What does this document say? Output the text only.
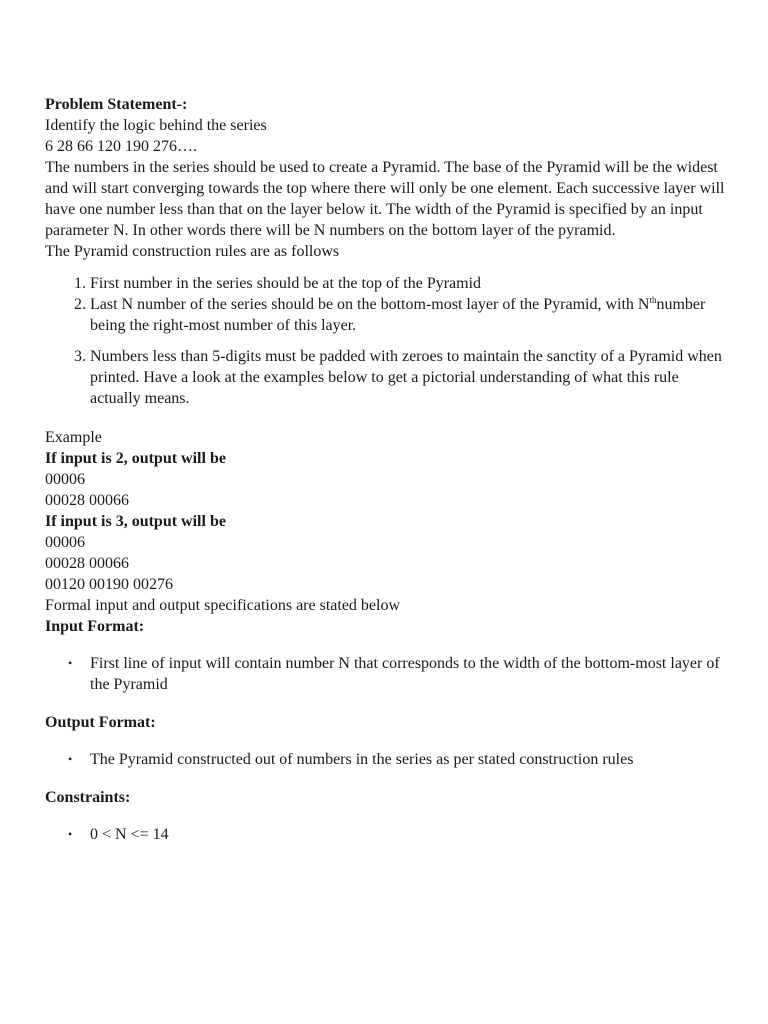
Problem Statement-:
Identify the logic behind the series
6 28 66 120 190 276….

The numbers in the series should be used to create a Pyramid. The base of the Pyramid will be the widest and will start converging towards the top where there will only be one element. Each successive layer will have one number less than that on the layer below it. The width of the Pyramid is specified by an input parameter N. In other words there will be N numbers on the bottom layer of the pyramid.

The Pyramid construction rules are as follows
1. First number in the series should be at the top of the Pyramid
2. Last N number of the series should be on the bottom-most layer of the Pyramid, with $N^{th}number$ being the right-most number of this layer.
3. Numbers less than 5-digits must be padded with zeroes to maintain the sanctity of a Pyramid when printed. Have a look at the examples below to get a pictorial understanding of what this rule actually means.
Example
If input is 2, output will be
00006
00028 00066
If input is 3, output will be
00006
00028 00066
00120 00190 00276
Formal input and output specifications are stated below
Input Format:
• First line of input will contain number N that corresponds to the width of the bottom-most layer of the Pyramid
Output Format:
• The Pyramid constructed out of numbers in the series as per stated construction rules
Constraints:
• 0 < N <= 14
